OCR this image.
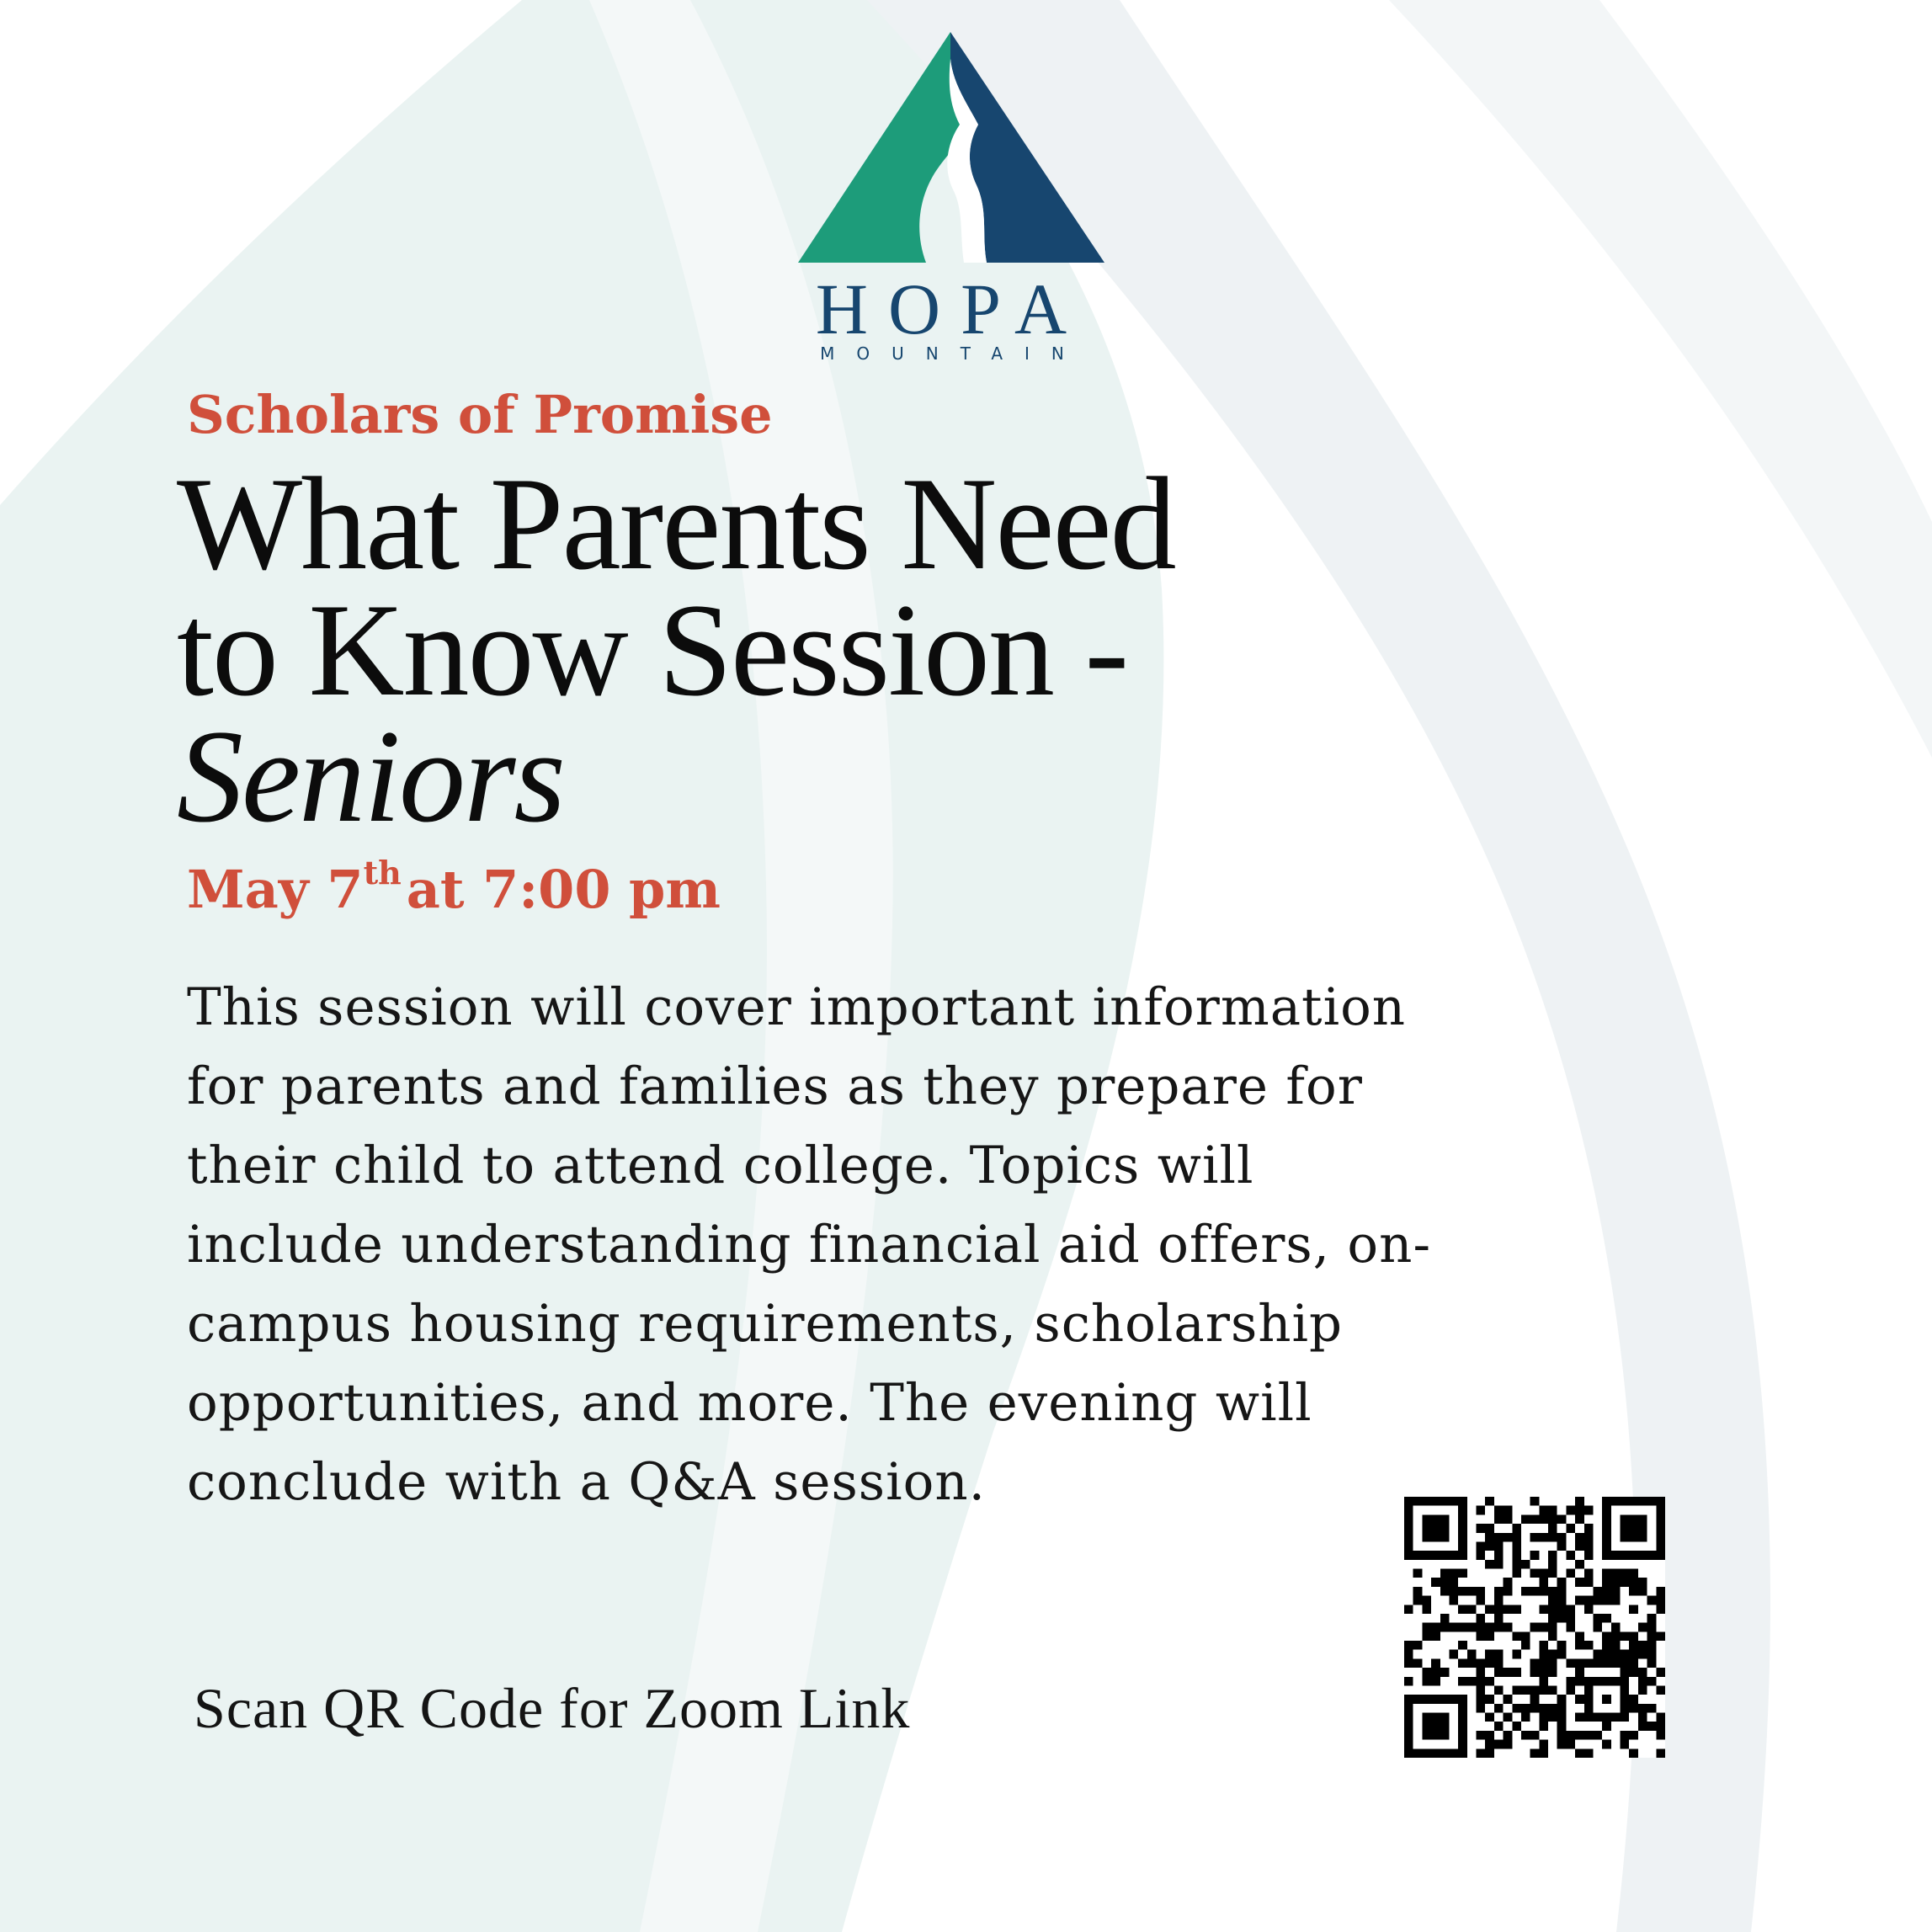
HOPA
MOUNTAIN
Scholars of Promise
What Parents Need
to Know Session -
Seniors
May 7that 7:00 pm

This session will cover important information for parents and families as they prepare for their child to attend college. Topics will include understanding financial aid offers, on-campus housing requirements, scholarship opportunities, and more. The evening will conclude with a Q&A session.

Scan QR Code for Zoom Link
